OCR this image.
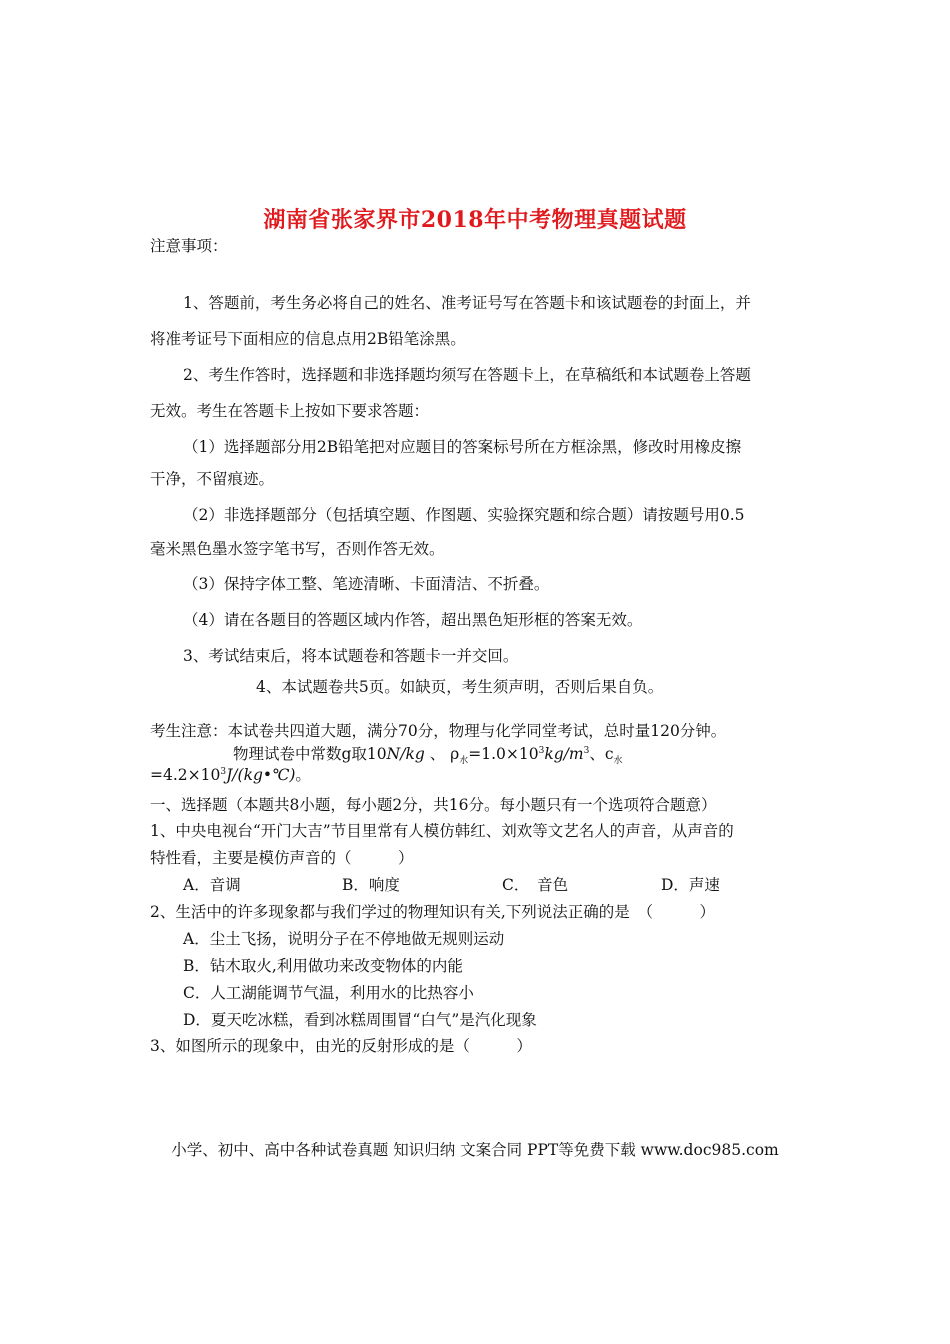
湖南省张家界市2018年中考物理真题试题
注意事项：
1、答题前，考生务必将自己的姓名、准考证号写在答题卡和该试题卷的封面上，并
将准考证号下面相应的信息点用2B铅笔涂黑。
2、考生作答时，选择题和非选择题均须写在答题卡上，在草稿纸和本试题卷上答题
无效。考生在答题卡上按如下要求答题：
（1）选择题部分用2B铅笔把对应题目的答案标号所在方框涂黑，修改时用橡皮擦
干净，不留痕迹。
（2）非选择题部分（包括填空题、作图题、实验探究题和综合题）请按题号用0.5
毫米黑色墨水签字笔书写，否则作答无效。
（3）保持字体工整、笔迹清晰、卡面清洁、不折叠。
（4）请在各题目的答题区域内作答，超出黑色矩形框的答案无效。
3、考试结束后，将本试题卷和答题卡一并交回。
4、本试题卷共5页。如缺页，考生须声明，否则后果自负。
考生注意：本试卷共四道大题，满分70分，物理与化学同堂考试，总时量120分钟。
物理试卷中常数g取10N/kg 、 $\rho_水=1.0\times 10^3kg/m^3$、$c_水$
$=4.2\times 10^3J/(kg•℃)$。
一、选择题（本题共8小题，每小题2分，共16分。每小题只有一个选项符合题意）
1、中央电视台“开门大吉”节目里常有人模仿韩红、刘欢等文艺名人的声音，从声音的
特性看，主要是模仿声音的（　　　）
A．音调	B．响度	C．　音色	D．声速
2、生活中的许多现象都与我们学过的物理知识有关,下列说法正确的是　（　　　）
A．尘土飞扬，说明分子在不停地做无规则运动
B．钻木取火,利用做功来改变物体的内能
C．人工湖能调节气温，利用水的比热容小
D．夏天吃冰糕，看到冰糕周围冒“白气”是汽化现象
3、如图所示的现象中，由光的反射形成的是（　　　）
小学、初中、高中各种试卷真题 知识归纳 文案合同 PPT等免费下载 www.doc985.com
